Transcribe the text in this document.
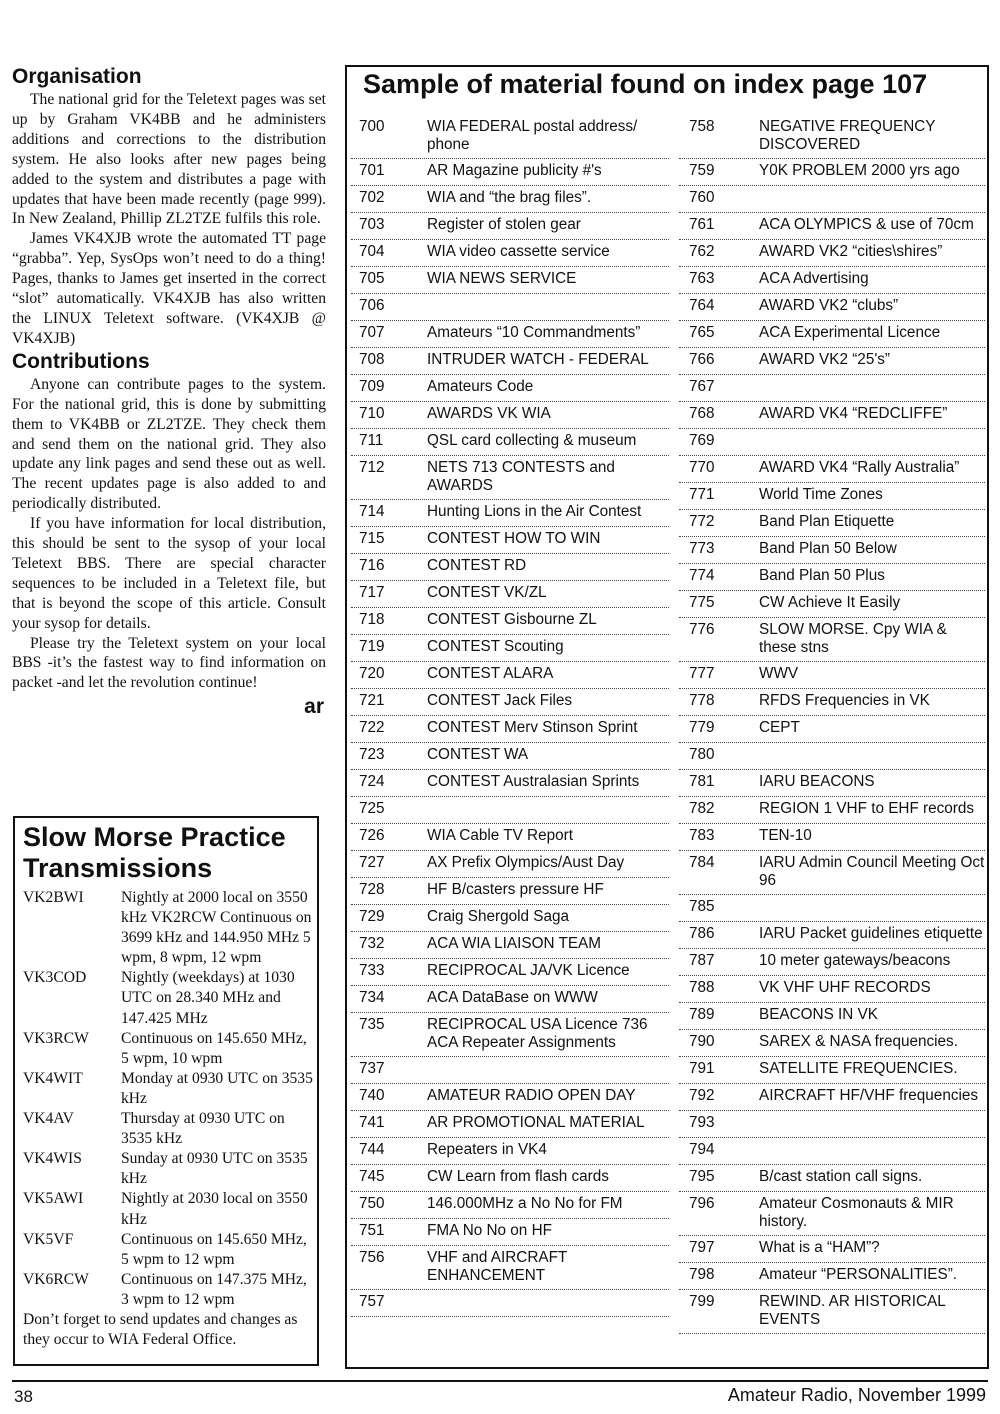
Organisation

The national grid for the Teletext pages was set up by Graham VK4BB and he administers additions and corrections to the distribution system. He also looks after new pages being added to the system and distributes a page with updates that have been made recently (page 999). In New Zealand, Phillip ZL2TZE fulfils this role.

James VK4XJB wrote the automated TT page “grabba”. Yep, SysOps won’t need to do a thing! Pages, thanks to James get inserted in the correct “slot” automatically. VK4XJB has also written the LINUX Teletext software. (VK4XJB @ VK4XJB)

Contributions

Anyone can contribute pages to the system. For the national grid, this is done by submitting them to VK4BB or ZL2TZE. They check them and send them on the national grid. They also update any link pages and send these out as well. The recent updates page is also added to and periodically distributed.

If you have information for local distribution, this should be sent to the sysop of your local Teletext BBS. There are special character sequences to be included in a Teletext file, but that is beyond the scope of this article. Consult your sysop for details.

Please try the Teletext system on your local BBS -it’s the fastest way to find information on packet -and let the revolution continue!

ar
Slow Morse Practice Transmissions
VK2BWI	Nightly at 2000 local on 3550 kHz VK2RCW Continuous on 3699 kHz and 144.950 MHz 5 wpm, 8 wpm, 12 wpm
VK3COD	Nightly (weekdays) at 1030 UTC on 28.340 MHz and 147.425 MHz
VK3RCW	Continuous on 145.650 MHz, 5 wpm, 10 wpm
VK4WIT	Monday at 0930 UTC on 3535 kHz
VK4AV	Thursday at 0930 UTC on 3535 kHz
VK4WIS	Sunday at 0930 UTC on 3535 kHz
VK5AWI	Nightly at 2030 local on 3550 kHz
VK5VF	Continuous on 145.650 MHz, 5 wpm to 12 wpm
VK6RCW	Continuous on 147.375 MHz, 3 wpm to 12 wpm
Don’t forget to send updates and changes as they occur to WIA Federal Office.
Sample of material found on index page 107
700	WIA FEDERAL postal address/ phone
701	AR Magazine publicity #'s
702	WIA and “the brag files”.
703	Register of stolen gear
704	WIA video cassette service
705	WIA NEWS SERVICE
706
707	Amateurs “10 Commandments”
708	INTRUDER WATCH - FEDERAL
709	Amateurs Code
710	AWARDS VK WIA
711	QSL card collecting & museum
712	NETS 713 CONTESTS and AWARDS
714	Hunting Lions in the Air Contest
715	CONTEST HOW TO WIN
716	CONTEST RD
717	CONTEST VK/ZL
718	CONTEST Gisbourne ZL
719	CONTEST Scouting
720	CONTEST ALARA
721	CONTEST Jack Files
722	CONTEST Merv Stinson Sprint
723	CONTEST WA
724	CONTEST Australasian Sprints
725
726	WIA Cable TV Report
727	AX Prefix Olympics/Aust Day
728	HF B/casters pressure HF
729	Craig Shergold Saga
732	ACA WIA LIAISON TEAM
733	RECIPROCAL JA/VK Licence
734	ACA DataBase on WWW
735	RECIPROCAL USA Licence 736 ACA Repeater Assignments
737
740	AMATEUR RADIO OPEN DAY
741	AR PROMOTIONAL MATERIAL
744	Repeaters in VK4
745	CW Learn from flash cards
750	146.000MHz a No No for FM
751	FMA No No on HF
756	VHF and AIRCRAFT ENHANCEMENT
757
758	NEGATIVE FREQUENCY DISCOVERED
759	Y0K PROBLEM 2000 yrs ago
760
761	ACA OLYMPICS & use of 70cm
762	AWARD VK2 “cities\shires”
763	ACA Advertising
764	AWARD VK2 “clubs”
765	ACA Experimental Licence
766	AWARD VK2 “25's”
767
768	AWARD VK4 “REDCLIFFE”
769
770	AWARD VK4 “Rally Australia”
771	World Time Zones
772	Band Plan Etiquette
773	Band Plan 50 Below
774	Band Plan 50 Plus
775	CW Achieve It Easily
776	SLOW MORSE. Cpy WIA & these stns
777	WWV
778	RFDS Frequencies in VK
779	CEPT
780
781	IARU BEACONS
782	REGION 1 VHF to EHF records
783	TEN-10
784	IARU Admin Council Meeting Oct 96
785
786	IARU Packet guidelines etiquette
787	10 meter gateways/beacons
788	VK VHF UHF RECORDS
789	BEACONS IN VK
790	SAREX & NASA frequencies.
791	SATELLITE FREQUENCIES.
792	AIRCRAFT HF/VHF frequencies
793
794
795	B/cast station call signs.
796	Amateur Cosmonauts & MIR history.
797	What is a “HAM”?
798	Amateur “PERSONALITIES”.
799	REWIND. AR HISTORICAL EVENTS
38	Amateur Radio, November 1999
